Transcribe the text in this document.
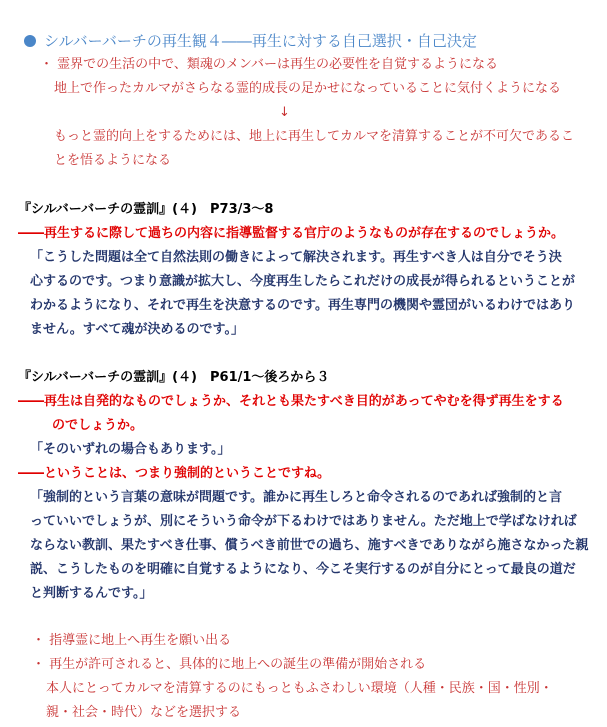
シルバーバーチの再生観４――再生に対する自己選択・自己決定
・ 霊界での生活の中で、類魂のメンバーは再生の必要性を自覚するようになる
地上で作ったカルマがさらなる霊的成長の足かせになっていることに気付くようになる
↓
もっと霊的向上をするためには、地上に再生してカルマを清算することが不可欠であるこ
とを悟るようになる
『シルバーバーチの霊訓』(４)　P73/3～8
――再生するに際して過ちの内容に指導監督する官庁のようなものが存在するのでしょうか。
「こうした問題は全て自然法則の働きによって解決されます。再生すべき人は自分でそう決
心するのです。つまり意識が拡大し、今度再生したらこれだけの成長が得られるということが
わかるようになり、それで再生を決意するのです。再生専門の機関や霊団がいるわけではあり
ません。すべて魂が決めるのです。」
『シルバーバーチの霊訓』(４)　P61/1～後ろから３
――再生は自発的なものでしょうか、それとも果たすべき目的があってやむを得ず再生をする
のでしょうか。
「そのいずれの場合もあります。」
――ということは、つまり強制的ということですね。
「強制的という言葉の意味が問題です。誰かに再生しろと命令されるのであれば強制的と言
っていいでしょうが、別にそういう命令が下るわけではありません。ただ地上で学ばなければ
ならない教訓、果たすべき仕事、償うべき前世での過ち、施すべきでありながら施さなかった親
説、こうしたものを明確に自覚するようになり、今こそ実行するのが自分にとって最良の道だ
と判断するんです。」
・ 指導霊に地上へ再生を願い出る
・ 再生が許可されると、具体的に地上への誕生の準備が開始される
本人にとってカルマを清算するのにもっともふさわしい環境（人種・民族・国・性別・
親・社会・時代）などを選択する
